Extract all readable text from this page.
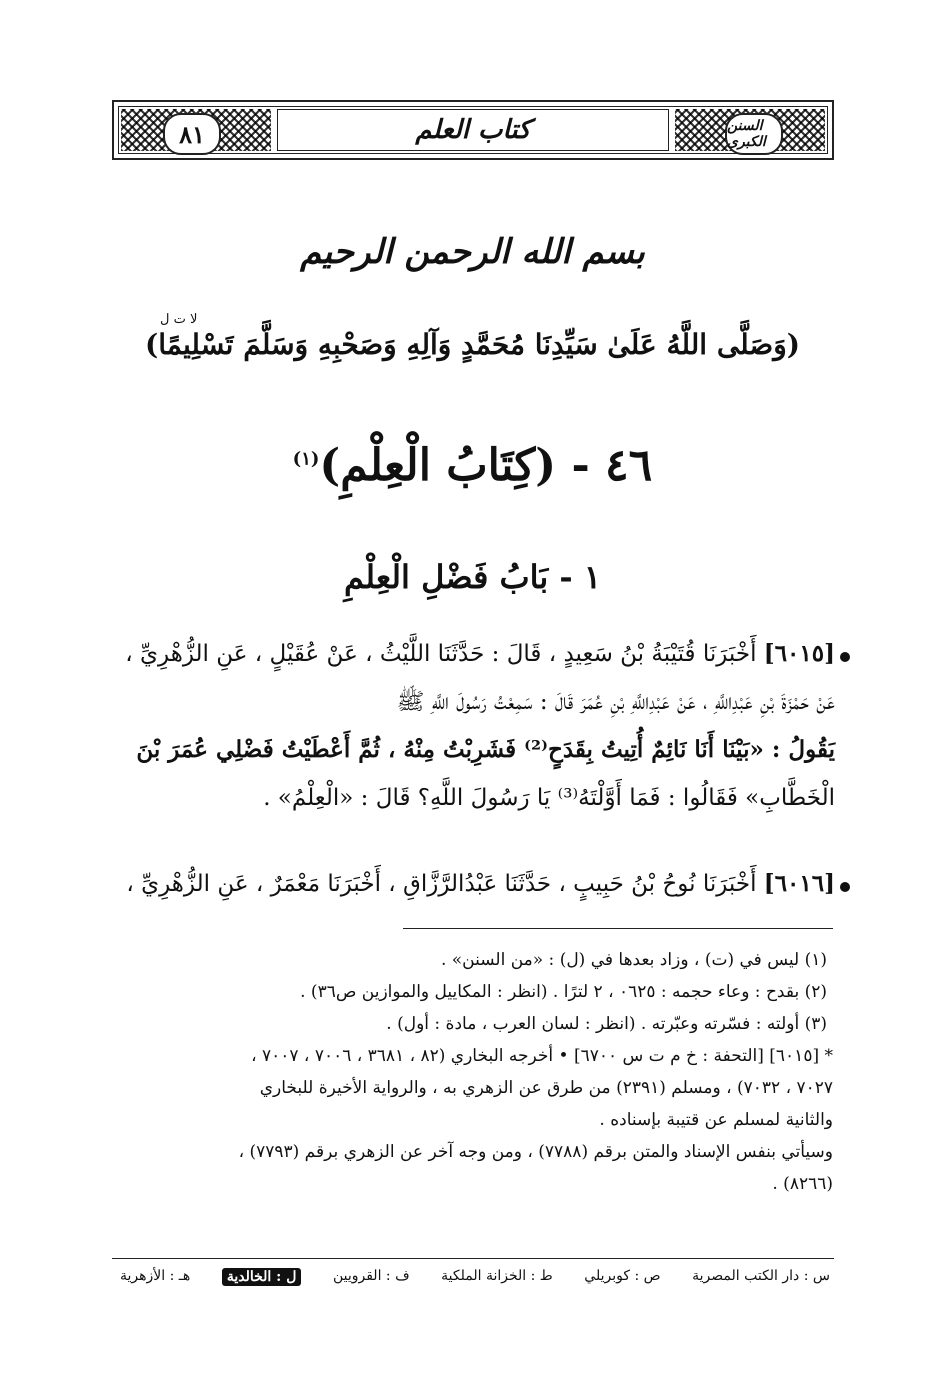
٨١	السنن الكبرى
كتاب العلم
بسم الله الرحمن الرحيم
لا ت ل
(وَصَلَّى اللَّهُ عَلَىٰ سَيِّدِنَا مُحَمَّدٍ وَآلِهِ وَصَحْبِهِ وَسَلَّمَ تَسْلِيمًا)
٤٦ - (كِتَابُ الْعِلْمِ)$^{(١)}$
١ - بَابُ فَضْلِ الْعِلْمِ
[٦٠١٥] أَخْبَرَنَا قُتَيْبَةُ بْنُ سَعِيدٍ ، قَالَ : حَدَّثَنَا اللَّيْثُ ، عَنْ عُقَيْلٍ ، عَنِ الزُّهْرِيِّ ،
عَنْ حَمْزَةَ بْنِ عَبْدِاللَّهِ ، عَنْ عَبْدِاللَّهِ بْنِ عُمَرَ قَالَ : سَمِعْتُ رَسُولَ اللَّهِ ﷺ
يَقُولُ : «بَيْنَا أَنَا نَائِمٌ أُتِيتُ بِقَدَحٍ⁽²⁾ فَشَرِبْتُ مِنْهُ ، ثُمَّ أَعْطَيْتُ فَضْلِي عُمَرَ بْنَ
الْخَطَّابِ» فَقَالُوا : فَمَا أَوَّلْتَهُ⁽³⁾ يَا رَسُولَ اللَّهِ؟ قَالَ : «الْعِلْمُ» .
[٦٠١٦] أَخْبَرَنَا نُوحُ بْنُ حَبِيبٍ ، حَدَّثَنَا عَبْدُالرَّزَّاقِ ، أَخْبَرَنَا مَعْمَرٌ ، عَنِ الزُّهْرِيِّ ،
(١) ليس في (ت) ، وزاد بعدها في (ل) : «من السنن» .
(٢) بقدح : وعاء حجمه : ٠٦٢٥ ، ٢ لترًا . (انظر : المكاييل والموازين ص٣٦) .
(٣) أولته : فسّرته وعبّرته . (انظر : لسان العرب ، مادة : أول) .
* [٦٠١٥] [التحفة : خ م ت س ٦٧٠٠] • أخرجه البخاري (٨٢ ، ٣٦٨١ ، ٧٠٠٦ ، ٧٠٠٧ ،
٧٠٢٧ ، ٧٠٣٢) ، ومسلم (٢٣٩١) من طرق عن الزهري به ، والرواية الأخيرة للبخاري
والثانية لمسلم عن قتيبة بإسناده .
وسيأتي بنفس الإسناد والمتن برقم (٧٧٨٨) ، ومن وجه آخر عن الزهري برقم (٧٧٩٣) ،
(٨٢٦٦) .
س : دار الكتب المصرية
ص : كوبريلي
ط : الخزانة الملكية
ف : القرويين
ل : الخالدية
هـ : الأزهرية
